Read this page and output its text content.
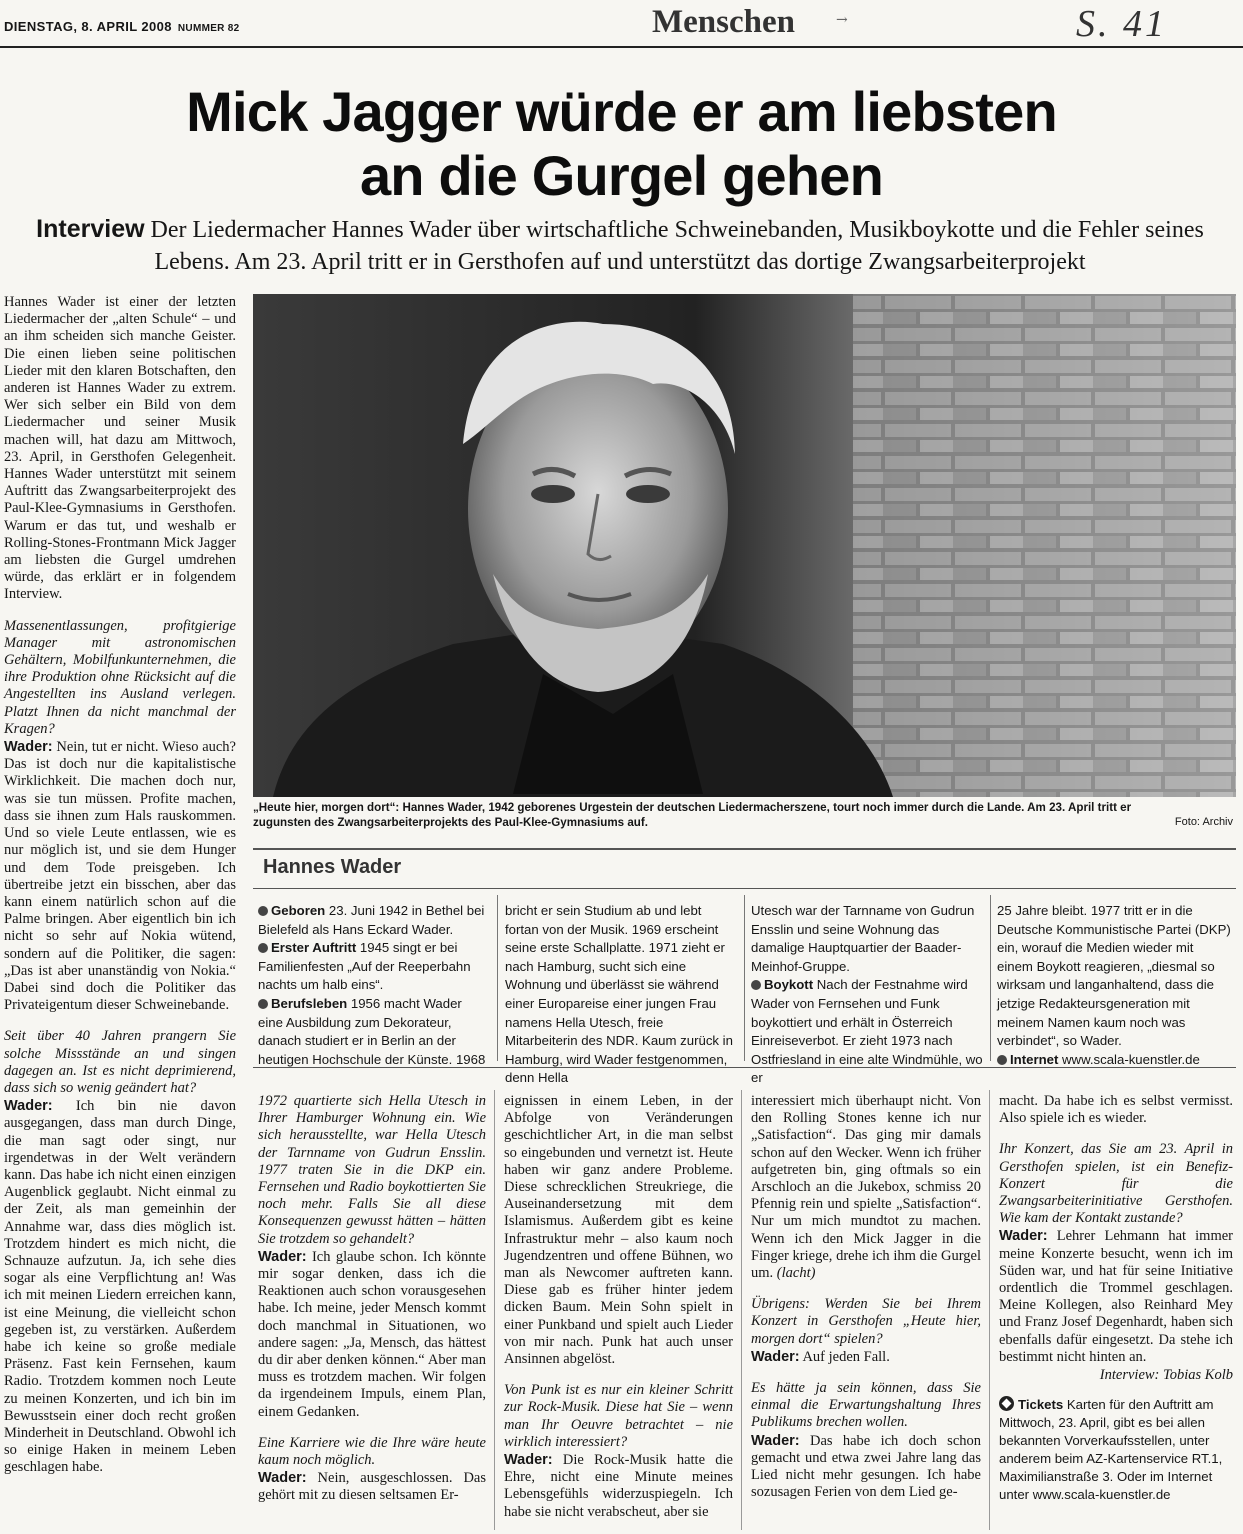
DIENSTAG, 8. APRIL 2008 NUMMER 82	Menschen	→	S. 41
Mick Jagger würde er am liebsten
an die Gurgel gehen
Interview Der Liedermacher Hannes Wader über wirtschaftliche Schweinebanden, Musikboykotte und die Fehler seines
Lebens. Am 23. April tritt er in Gersthofen auf und unterstützt das dortige Zwangsarbeiterprojekt

Hannes Wader ist einer der letzten Liedermacher der „alten Schule“ – und an ihm scheiden sich manche Geister. Die einen lieben seine politischen Lieder mit den klaren Botschaften, den anderen ist Hannes Wader zu extrem. Wer sich selber ein Bild von dem Liedermacher und seiner Musik machen will, hat dazu am Mittwoch, 23. April, in Gersthofen Gelegenheit. Hannes Wader unterstützt mit seinem Auftritt das Zwangsarbeiterprojekt des Paul-Klee-Gymnasiums in Gersthofen. Warum er das tut, und weshalb er Rolling-Stones-Frontmann Mick Jagger am liebsten die Gurgel umdrehen würde, das erklärt er in folgendem Interview.

Massenentlassungen, profitgierige Manager mit astronomischen Gehältern, Mobilfunkunternehmen, die ihre Produktion ohne Rücksicht auf die Angestellten ins Ausland verlegen. Platzt Ihnen da nicht manchmal der Kragen?

Wader: Nein, tut er nicht. Wieso auch? Das ist doch nur die kapitalistische Wirklichkeit. Die machen doch nur, was sie tun müssen. Profite machen, dass sie ihnen zum Hals rauskommen. Und so viele Leute entlassen, wie es nur möglich ist, und sie dem Hunger und dem Tode preisgeben. Ich übertreibe jetzt ein bisschen, aber das kann einem natürlich schon auf die Palme bringen. Aber eigentlich bin ich nicht so sehr auf Nokia wütend, sondern auf die Politiker, die sagen: „Das ist aber unanständig von Nokia.“ Dabei sind doch die Politiker das Privateigentum dieser Schweinebande.

Seit über 40 Jahren prangern Sie solche Missstände an und singen dagegen an. Ist es nicht deprimierend, dass sich so wenig geändert hat?

Wader: Ich bin nie davon ausgegangen, dass man durch Dinge, die man sagt oder singt, nur irgendetwas in der Welt verändern kann. Das habe ich nicht einen einzigen Augenblick geglaubt. Nicht einmal zu der Zeit, als man gemeinhin der Annahme war, dass dies möglich ist. Trotzdem hindert es mich nicht, die Schnauze aufzutun. Ja, ich sehe dies sogar als eine Verpflichtung an! Was ich mit meinen Liedern erreichen kann, ist eine Meinung, die vielleicht schon gegeben ist, zu verstärken. Außerdem habe ich keine so große mediale Präsenz. Fast kein Fernsehen, kaum Radio. Trotzdem kommen noch Leute zu meinen Konzerten, und ich bin im Bewusstsein einer doch recht großen Minderheit in Deutschland. Obwohl ich so einige Haken in meinem Leben geschlagen habe.

„Heute hier, morgen dort“: Hannes Wader, 1942 geborenes Urgestein der deutschen Liedermacherszene, tourt noch immer durch die Lande. Am 23. April tritt er zugunsten des Zwangsarbeiterprojekts des Paul-Klee-Gymnasiums auf.	Foto: Archiv
Hannes Wader
Geboren 23. Juni 1942 in Bethel bei Bielefeld als Hans Eckard Wader.
Erster Auftritt 1945 singt er bei Familienfesten „Auf der Reeperbahn nachts um halb eins“.
Berufsleben 1956 macht Wader eine Ausbildung zum Dekorateur, danach studiert er in Berlin an der heutigen Hochschule der Künste. 1968
bricht er sein Studium ab und lebt fortan von der Musik. 1969 erscheint seine erste Schallplatte. 1971 zieht er nach Hamburg, sucht sich eine Wohnung und überlässt sie während einer Europareise einer jungen Frau namens Hella Utesch, freie Mitarbeiterin des NDR. Kaum zurück in Hamburg, wird Wader festgenommen, denn Hella
Utesch war der Tarnname von Gudrun Ensslin und seine Wohnung das damalige Hauptquartier der Baader-Meinhof-Gruppe.
Boykott Nach der Festnahme wird Wader von Fernsehen und Funk boykottiert und erhält in Österreich Einreiseverbot. Er zieht 1973 nach Ostfriesland in eine alte Windmühle, wo er
25 Jahre bleibt. 1977 tritt er in die Deutsche Kommunistische Partei (DKP) ein, worauf die Medien wieder mit einem Boykott reagieren, „diesmal so wirksam und langanhaltend, dass die jetzige Redakteursgeneration mit meinem Namen kaum noch was verbindet“, so Wader.
Internet www.scala-kuenstler.de

1972 quartierte sich Hella Utesch in Ihrer Hamburger Wohnung ein. Wie sich herausstellte, war Hella Utesch der Tarnname von Gudrun Ensslin. 1977 traten Sie in die DKP ein. Fernsehen und Radio boykottierten Sie noch mehr. Falls Sie all diese Konsequenzen gewusst hätten – hätten Sie trotzdem so gehandelt?

Wader: Ich glaube schon. Ich könnte mir sogar denken, dass ich die Reaktionen auch schon vorausgesehen habe. Ich meine, jeder Mensch kommt doch manchmal in Situationen, wo andere sagen: „Ja, Mensch, das hättest du dir aber denken können.“ Aber man muss es trotzdem machen. Wir folgen da irgendeinem Impuls, einem Plan, einem Gedanken.

Eine Karriere wie die Ihre wäre heute kaum noch möglich.

Wader: Nein, ausgeschlossen. Das gehört mit zu diesen seltsamen Er-

eignissen in einem Leben, in der Abfolge von Veränderungen geschichtlicher Art, in die man selbst so eingebunden und vernetzt ist. Heute haben wir ganz andere Probleme. Diese schrecklichen Streukriege, die Auseinandersetzung mit dem Islamismus. Außerdem gibt es keine Infrastruktur mehr – also kaum noch Jugendzentren und offene Bühnen, wo man als Newcomer auftreten kann. Diese gab es früher hinter jedem dicken Baum. Mein Sohn spielt in einer Punkband und spielt auch Lieder von mir nach. Punk hat auch unser Ansinnen abgelöst.

Von Punk ist es nur ein kleiner Schritt zur Rock-Musik. Diese hat Sie – wenn man Ihr Oeuvre betrachtet – nie wirklich interessiert?

Wader: Die Rock-Musik hatte die Ehre, nicht eine Minute meines Lebensgefühls widerzuspiegeln. Ich habe sie nicht verabscheut, aber sie

interessiert mich überhaupt nicht. Von den Rolling Stones kenne ich nur „Satisfaction“. Das ging mir damals schon auf den Wecker. Wenn ich früher aufgetreten bin, ging oftmals so ein Arschloch an die Jukebox, schmiss 20 Pfennig rein und spielte „Satisfaction“. Nur um mich mundtot zu machen. Wenn ich den Mick Jagger in die Finger kriege, drehe ich ihm die Gurgel um. (lacht)

Übrigens: Werden Sie bei Ihrem Konzert in Gersthofen „Heute hier, morgen dort“ spielen?

Wader: Auf jeden Fall.

Es hätte ja sein können, dass Sie einmal die Erwartungshaltung Ihres Publikums brechen wollen.

Wader: Das habe ich doch schon gemacht und etwa zwei Jahre lang das Lied nicht mehr gesungen. Ich habe sozusagen Ferien von dem Lied ge-

macht. Da habe ich es selbst vermisst. Also spiele ich es wieder.

Ihr Konzert, das Sie am 23. April in Gersthofen spielen, ist ein Benefiz-Konzert für die Zwangsarbeiterinitiative Gersthofen. Wie kam der Kontakt zustande?

Wader: Lehrer Lehmann hat immer meine Konzerte besucht, wenn ich im Süden war, und hat für seine Initiative ordentlich die Trommel geschlagen. Meine Kollegen, also Reinhard Mey und Franz Josef Degenhardt, haben sich ebenfalls dafür eingesetzt. Da stehe ich bestimmt nicht hinten an.

Interview: Tobias Kolb

Tickets Karten für den Auftritt am Mittwoch, 23. April, gibt es bei allen bekannten Vorverkaufsstellen, unter anderem beim AZ-Kartenservice RT.1, Maximilianstraße 3. Oder im Internet unter www.scala-kuenstler.de
